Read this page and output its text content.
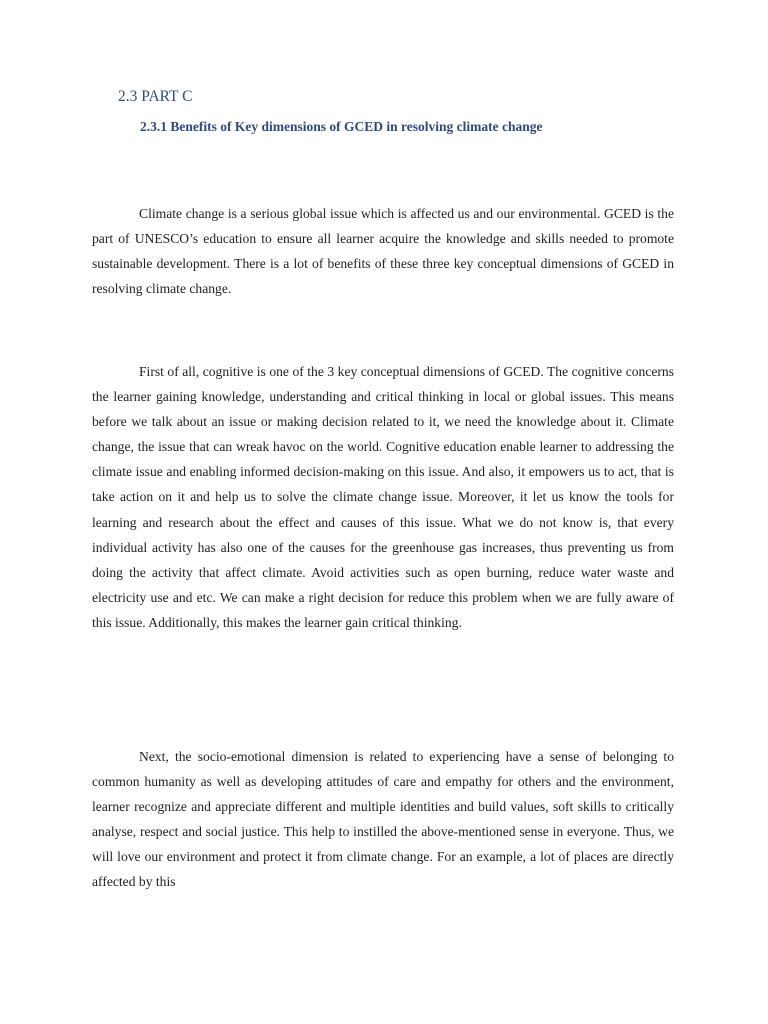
2.3 PART C
2.3.1 Benefits of Key dimensions of GCED in resolving climate change

Climate change is a serious global issue which is affected us and our environmental. GCED is the part of UNESCO’s education to ensure all learner acquire the knowledge and skills needed to promote sustainable development. There is a lot of benefits of these three key conceptual dimensions of GCED in resolving climate change.

First of all, cognitive is one of the 3 key conceptual dimensions of GCED. The cognitive concerns the learner gaining knowledge, understanding and critical thinking in local or global issues. This means before we talk about an issue or making decision related to it, we need the knowledge about it. Climate change, the issue that can wreak havoc on the world. Cognitive education enable learner to addressing the climate issue and enabling informed decision-making on this issue. And also, it empowers us to act, that is take action on it and help us to solve the climate change issue. Moreover, it let us know the tools for learning and research about the effect and causes of this issue. What we do not know is, that every individual activity has also one of the causes for the greenhouse gas increases, thus preventing us from doing the activity that affect climate. Avoid activities such as open burning, reduce water waste and electricity use and etc. We can make a right decision for reduce this problem when we are fully aware of this issue. Additionally, this makes the learner gain critical thinking.

Next, the socio-emotional dimension is related to experiencing have a sense of belonging to common humanity as well as developing attitudes of care and empathy for others and the environment, learner recognize and appreciate different and multiple identities and build values, soft skills to critically analyse, respect and social justice. This help to instilled the above-mentioned sense in everyone. Thus, we will love our environment and protect it from climate change. For an example, a lot of places are directly affected by this
